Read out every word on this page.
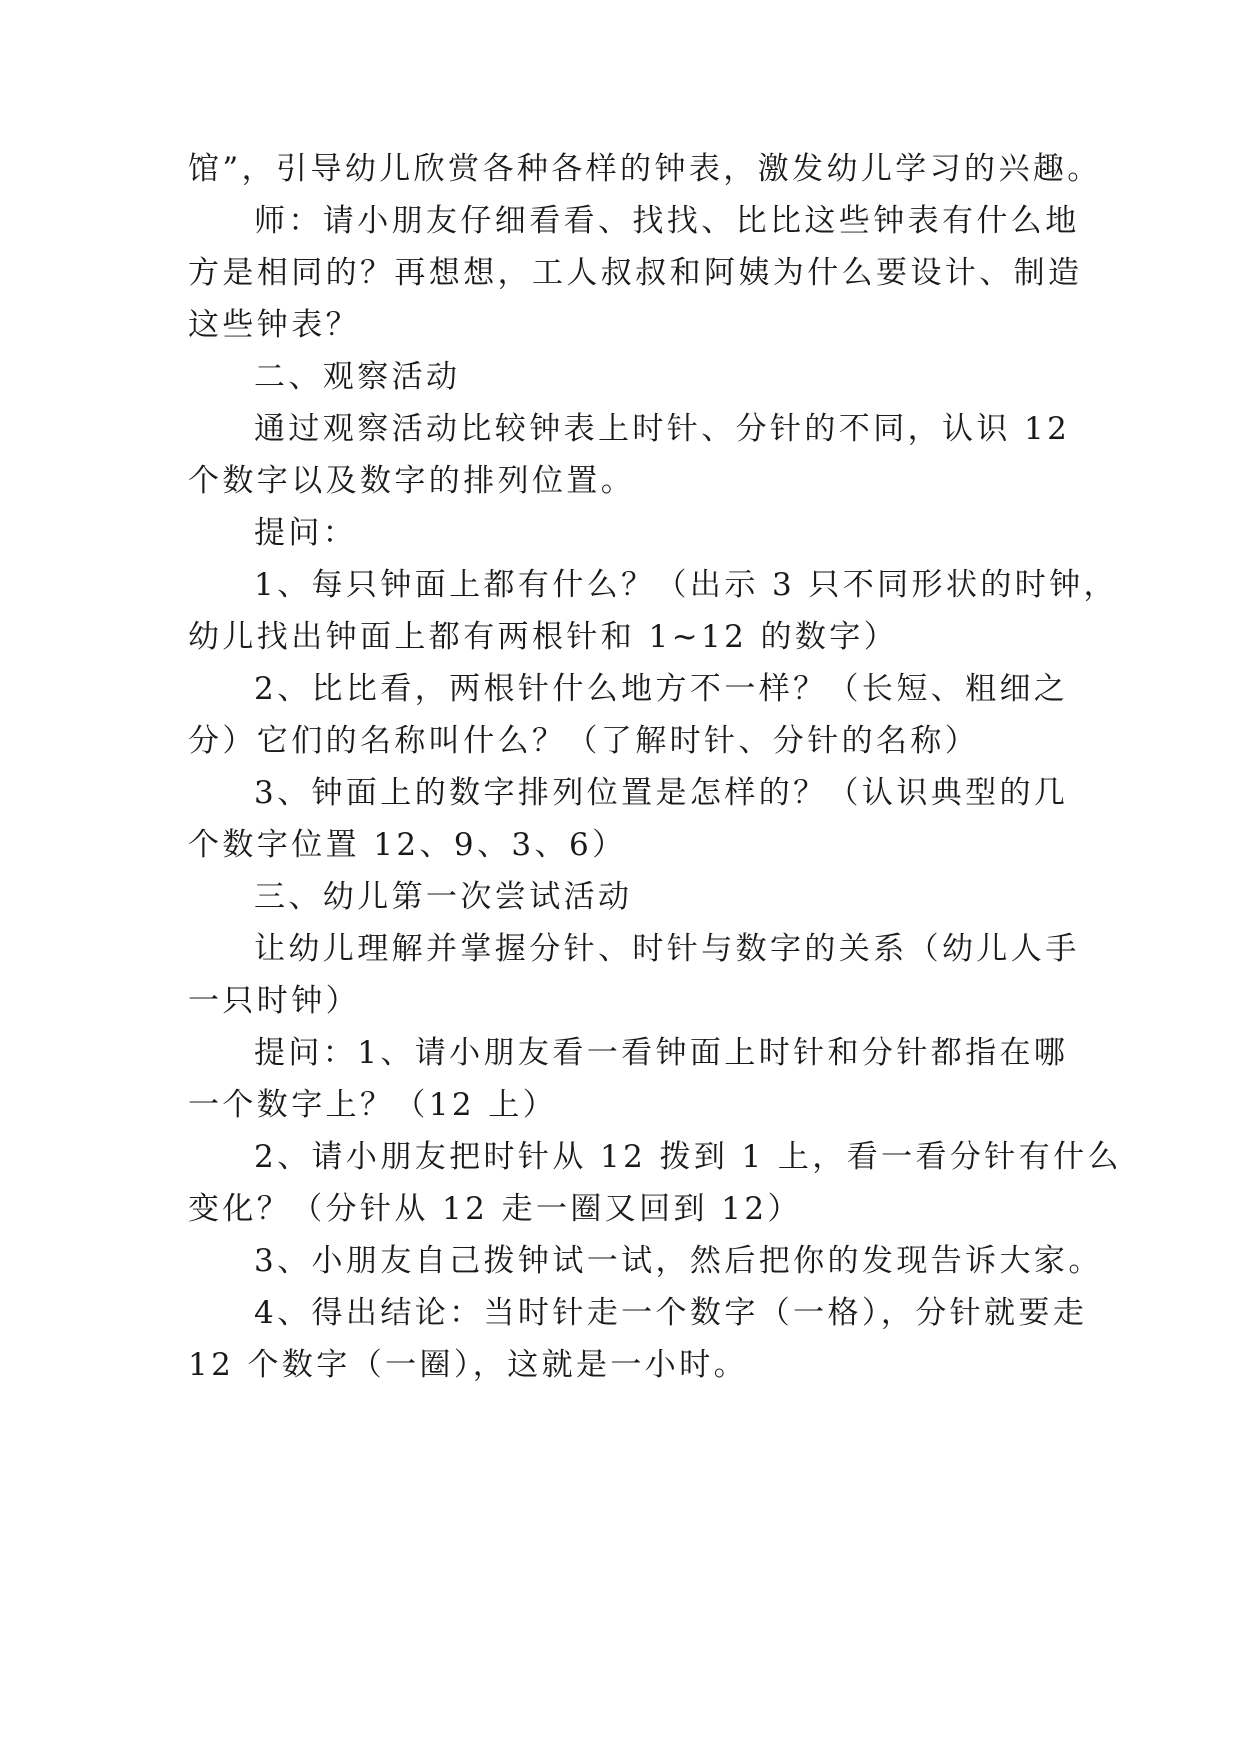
馆”，引导幼儿欣赏各种各样的钟表，激发幼儿学习的兴趣。
师：请小朋友仔细看看、找找、比比这些钟表有什么地
方是相同的？再想想，工人叔叔和阿姨为什么要设计、制造
这些钟表？
二、观察活动
通过观察活动比较钟表上时针、分针的不同，认识 12
个数字以及数字的排列位置。
提问：
1、每只钟面上都有什么？（出示 3 只不同形状的时钟，
幼儿找出钟面上都有两根针和 1~12 的数字）
2、比比看，两根针什么地方不一样？（长短、粗细之
分）它们的名称叫什么？（了解时针、分针的名称）
3、钟面上的数字排列位置是怎样的？（认识典型的几
个数字位置 12、9、3、6）
三、幼儿第一次尝试活动
让幼儿理解并掌握分针、时针与数字的关系（幼儿人手
一只时钟）
提问：1、请小朋友看一看钟面上时针和分针都指在哪
一个数字上？（12 上）
2、请小朋友把时针从 12 拨到 1 上，看一看分针有什么
变化？（分针从 12 走一圈又回到 12）
3、小朋友自己拨钟试一试，然后把你的发现告诉大家。
4、得出结论：当时针走一个数字（一格），分针就要走
12 个数字（一圈），这就是一小时。
